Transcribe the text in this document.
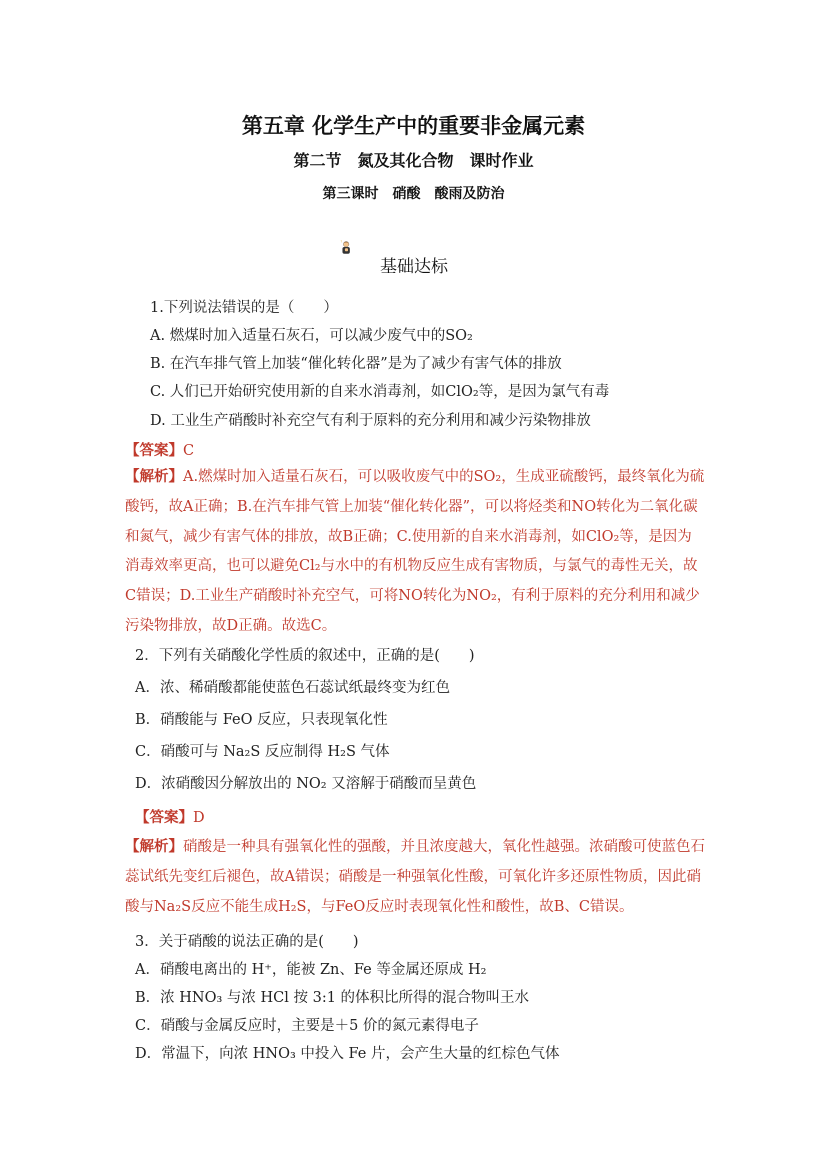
第五章 化学生产中的重要非金属元素
第二节　氮及其化合物　课时作业
第三课时　硝酸　酸雨及防治
?
基础达标
1.下列说法错误的是（　　）
A. 燃煤时加入适量石灰石，可以减少废气中的SO₂
B. 在汽车排气管上加装“催化转化器”是为了减少有害气体的排放
C. 人们已开始研究使用新的自来水消毒剂，如ClO₂等，是因为氯气有毒
D. 工业生产硝酸时补充空气有利于原料的充分利用和减少污染物排放
【答案】C
【解析】A.燃煤时加入适量石灰石，可以吸收废气中的SO₂，生成亚硫酸钙，最终氧化为硫酸钙，故A正确；B.在汽车排气管上加装“催化转化器”，可以将烃类和NO转化为二氧化碳和氮气，减少有害气体的排放，故B正确；C.使用新的自来水消毒剂，如ClO₂等，是因为消毒效率更高，也可以避免Cl₂与水中的有机物反应生成有害物质，与氯气的毒性无关，故C错误；D.工业生产硝酸时补充空气，可将NO转化为NO₂，有利于原料的充分利用和减少污染物排放，故D正确。故选C。
2．下列有关硝酸化学性质的叙述中，正确的是(　　)
A．浓、稀硝酸都能使蓝色石蕊试纸最终变为红色
B．硝酸能与 FeO 反应，只表现氧化性
C．硝酸可与 Na₂S 反应制得 H₂S 气体
D．浓硝酸因分解放出的 NO₂ 又溶解于硝酸而呈黄色
【答案】D
【解析】硝酸是一种具有强氧化性的强酸，并且浓度越大，氧化性越强。浓硝酸可使蓝色石蕊试纸先变红后褪色，故A错误；硝酸是一种强氧化性酸，可氧化许多还原性物质，因此硝酸与Na₂S反应不能生成H₂S，与FeO反应时表现氧化性和酸性，故B、C错误。
3．关于硝酸的说法正确的是(　　)
A．硝酸电离出的 H⁺，能被 Zn、Fe 等金属还原成 H₂
B．浓 HNO₃ 与浓 HCl 按 3:1 的体积比所得的混合物叫王水
C．硝酸与金属反应时，主要是＋5 价的氮元素得电子
D．常温下，向浓 HNO₃ 中投入 Fe 片，会产生大量的红棕色气体
